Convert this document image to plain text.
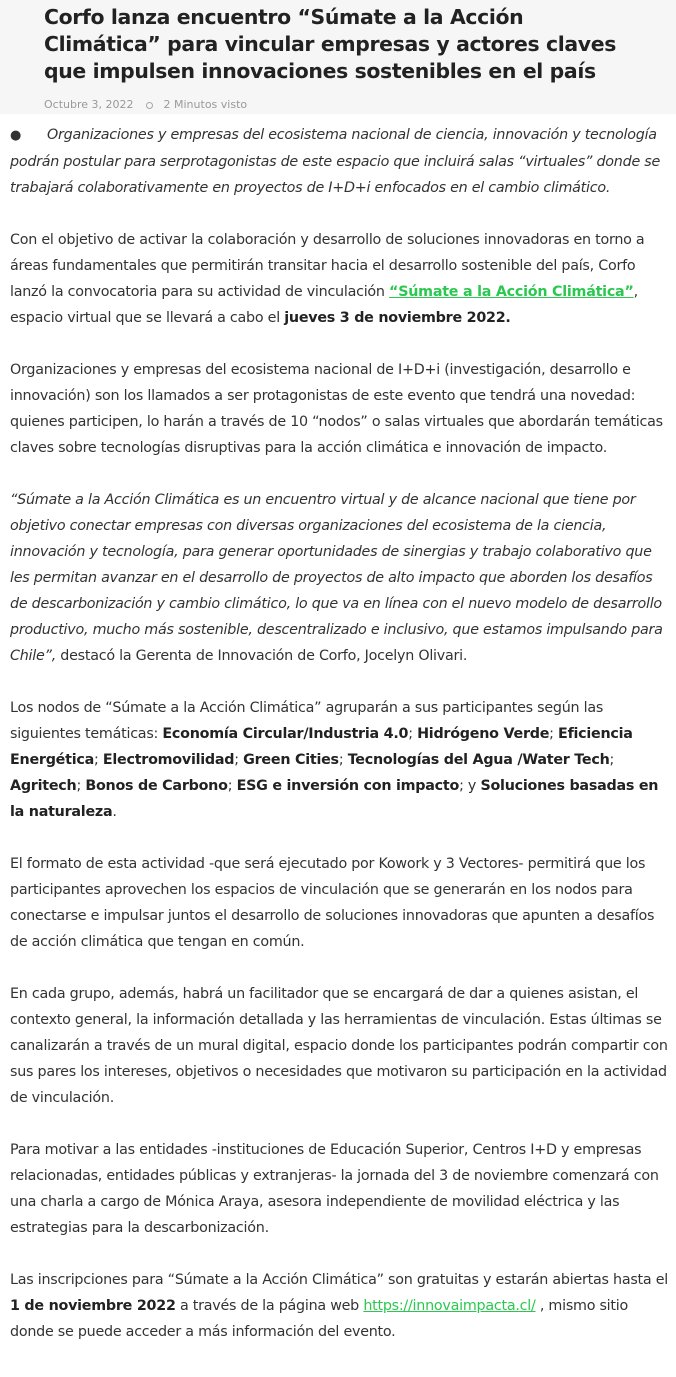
Corfo lanza encuentro “Súmate a la Acción Climática” para vincular empresas y actores claves que impulsen innovaciones sostenibles en el país
Octubre 3, 2022	2 Minutos visto

● Organizaciones y empresas del ecosistema nacional de ciencia, innovación y tecnología podrán postular para serprotagonistas de este espacio que incluirá salas “virtuales” donde se trabajará colaborativamente en proyectos de I+D+i enfocados en el cambio climático.

Con el objetivo de activar la colaboración y desarrollo de soluciones innovadoras en torno a áreas fundamentales que permitirán transitar hacia el desarrollo sostenible del país, Corfo lanzó la convocatoria para su actividad de vinculación “Súmate a la Acción Climática”, espacio virtual que se llevará a cabo el jueves 3 de noviembre 2022.

Organizaciones y empresas del ecosistema nacional de I+D+i (investigación, desarrollo e innovación) son los llamados a ser protagonistas de este evento que tendrá una novedad: quienes participen, lo harán a través de 10 “nodos” o salas virtuales que abordarán temáticas claves sobre tecnologías disruptivas para la acción climática e innovación de impacto.

“Súmate a la Acción Climática es un encuentro virtual y de alcance nacional que tiene por objetivo conectar empresas con diversas organizaciones del ecosistema de la ciencia, innovación y tecnología, para generar oportunidades de sinergias y trabajo colaborativo que les permitan avanzar en el desarrollo de proyectos de alto impacto que aborden los desafíos de descarbonización y cambio climático, lo que va en línea con el nuevo modelo de desarrollo productivo, mucho más sostenible, descentralizado e inclusivo, que estamos impulsando para Chile”, destacó la Gerenta de Innovación de Corfo, Jocelyn Olivari.

Los nodos de “Súmate a la Acción Climática” agruparán a sus participantes según las siguientes temáticas: Economía Circular/Industria 4.0; Hidrógeno Verde; Eficiencia Energética; Electromovilidad; Green Cities; Tecnologías del Agua /Water Tech; Agritech; Bonos de Carbono; ESG e inversión con impacto; y Soluciones basadas en la naturaleza.

El formato de esta actividad -que será ejecutado por Kowork y 3 Vectores- permitirá que los participantes aprovechen los espacios de vinculación que se generarán en los nodos para conectarse e impulsar juntos el desarrollo de soluciones innovadoras que apunten a desafíos de acción climática que tengan en común.

En cada grupo, además, habrá un facilitador que se encargará de dar a quienes asistan, el contexto general, la información detallada y las herramientas de vinculación. Estas últimas se canalizarán a través de un mural digital, espacio donde los participantes podrán compartir con sus pares los intereses, objetivos o necesidades que motivaron su participación en la actividad de vinculación.

Para motivar a las entidades -instituciones de Educación Superior, Centros I+D y empresas relacionadas, entidades públicas y extranjeras- la jornada del 3 de noviembre comenzará con una charla a cargo de Mónica Araya, asesora independiente de movilidad eléctrica y las estrategias para la descarbonización.

Las inscripciones para “Súmate a la Acción Climática” son gratuitas y estarán abiertas hasta el 1 de noviembre 2022 a través de la página web https://innovaimpacta.cl/ , mismo sitio donde se puede acceder a más información del evento.
